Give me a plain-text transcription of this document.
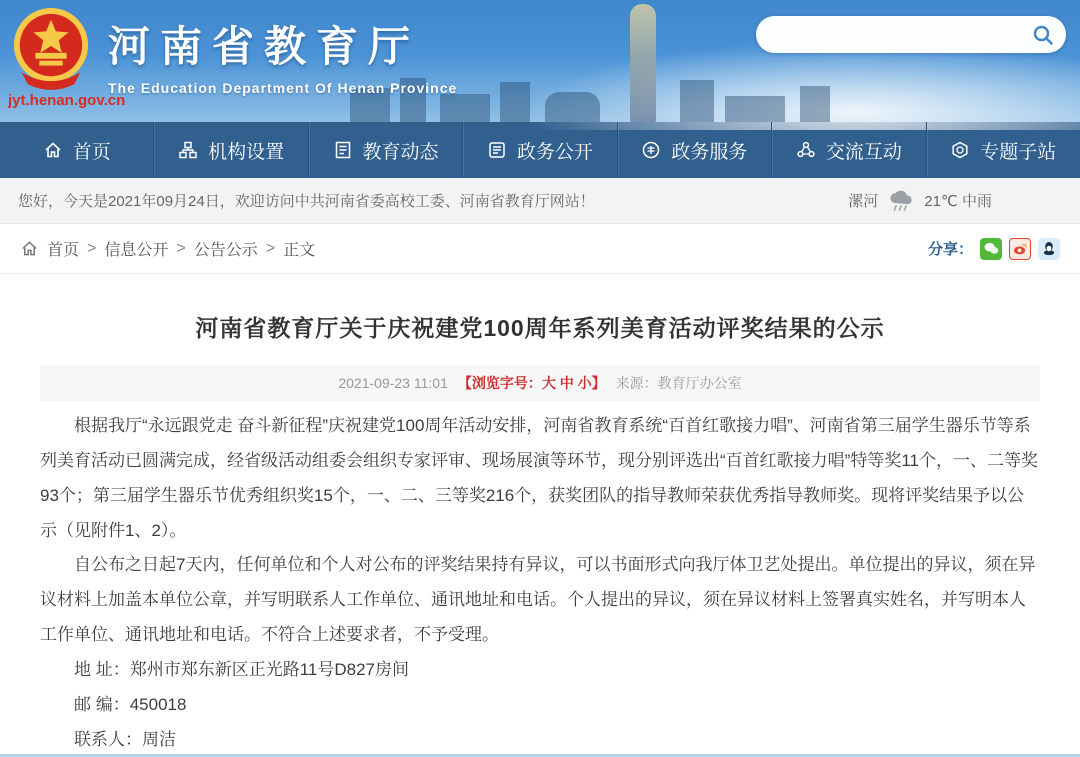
jyt.henan.gov.cn
河南省教育厅
The Education Department Of Henan Province
首页	机构设置	教育动态	政务公开	政务服务	交流互动	专题子站
您好，今天是2021年09月24日，欢迎访问中共河南省委高校工委、河南省教育厅网站！	漯河	21℃ 中雨
首页 > 信息公开 > 公告公示 > 正文	分享：
河南省教育厅关于庆祝建党100周年系列美育活动评奖结果的公示
2021-09-23 11:01 【浏览字号：大 中 小】 来源：教育厅办公室

根据我厅“永远跟党走 奋斗新征程”庆祝建党100周年活动安排，河南省教育系统“百首红歌接力唱”、河南省第三届学生器乐节等系列美育活动已圆满完成，经省级活动组委会组织专家评审、现场展演等环节，现分别评选出“百首红歌接力唱”特等奖11个，一、二等奖93个；第三届学生器乐节优秀组织奖15个，一、二、三等奖216个，获奖团队的指导教师荣获优秀指导教师奖。现将评奖结果予以公示（见附件1、2）。

自公布之日起7天内，任何单位和个人对公布的评奖结果持有异议，可以书面形式向我厅体卫艺处提出。单位提出的异议，须在异议材料上加盖本单位公章，并写明联系人工作单位、通讯地址和电话。个人提出的异议，须在异议材料上签署真实姓名，并写明本人工作单位、通讯地址和电话。不符合上述要求者，不予受理。

地 址：郑州市郑东新区正光路11号D827房间

邮 编：450018

联系人：周洁
